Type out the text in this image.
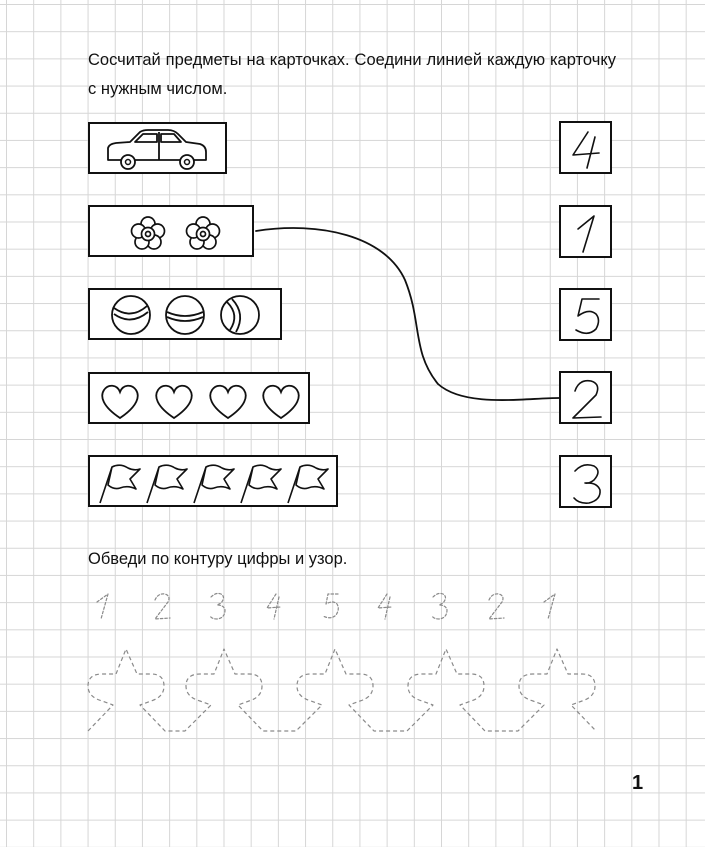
Сосчитай предметы на карточках. Соедини линией каждую карточку с нужным числом.
Обведи по контуру цифры и узор.
1
